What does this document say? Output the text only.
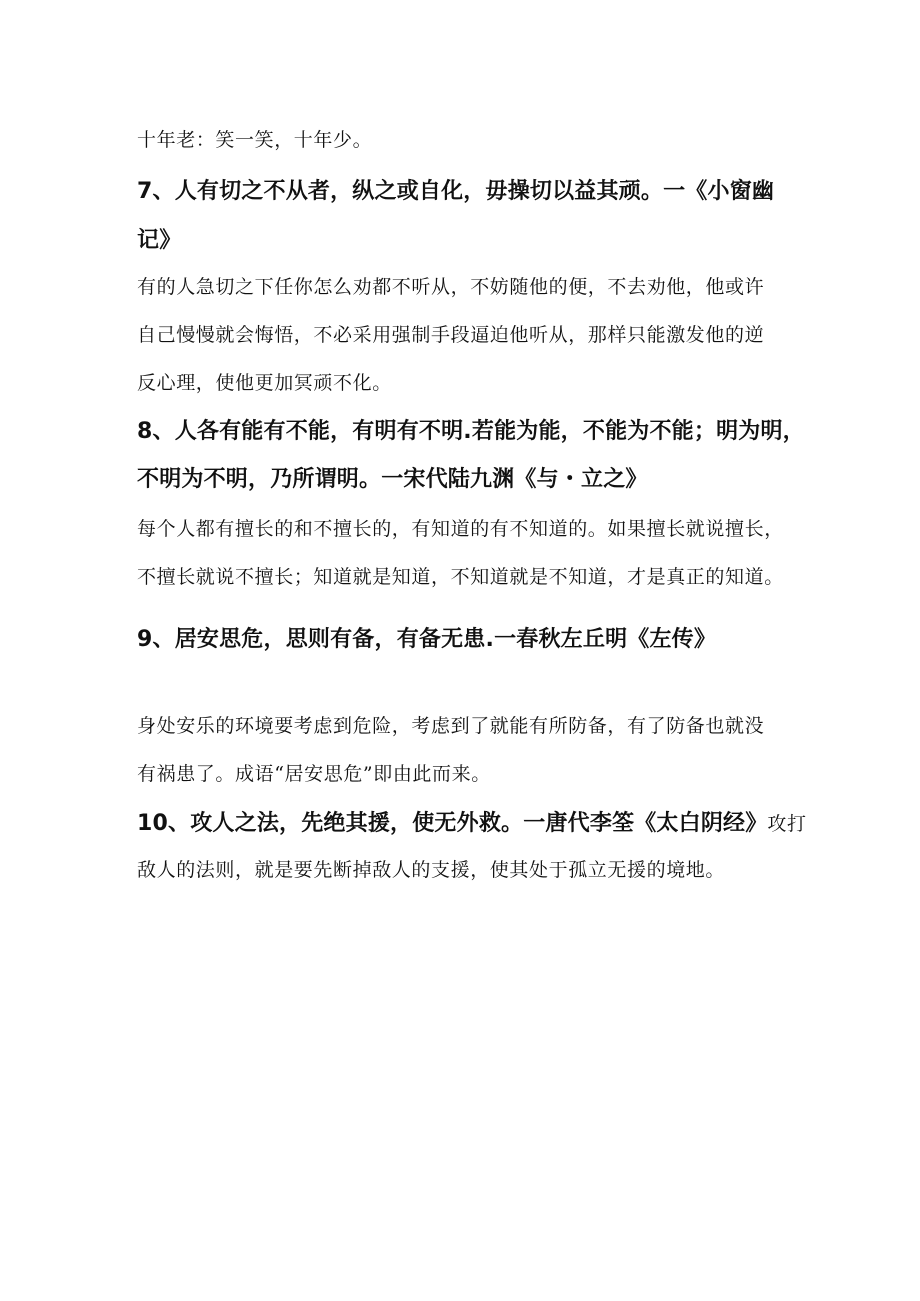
十年老：笑一笑，十年少。
7、人有切之不从者，纵之或自化，毋操切以益其顽。一《小窗幽
记》
有的人急切之下任你怎么劝都不听从，不妨随他的便，不去劝他，他或许
自己慢慢就会悔悟，不必采用强制手段逼迫他听从，那样只能激发他的逆
反心理，使他更加冥顽不化。
8、人各有能有不能，有明有不明.若能为能，不能为不能；明为明，
不明为不明，乃所谓明。一宋代陆九渊《与・立之》
每个人都有擅长的和不擅长的，有知道的有不知道的。如果擅长就说擅长，
不擅长就说不擅长；知道就是知道，不知道就是不知道，才是真正的知道。
9、居安思危，思则有备，有备无患.一春秋左丘明《左传》
身处安乐的环境要考虑到危险，考虑到了就能有所防备，有了防备也就没
有祸患了。成语“居安思危”即由此而来。
10、攻人之法，先绝其援，使无外救。一唐代李筌《太白阴经》攻打
敌人的法则，就是要先断掉敌人的支援，使其处于孤立无援的境地。
